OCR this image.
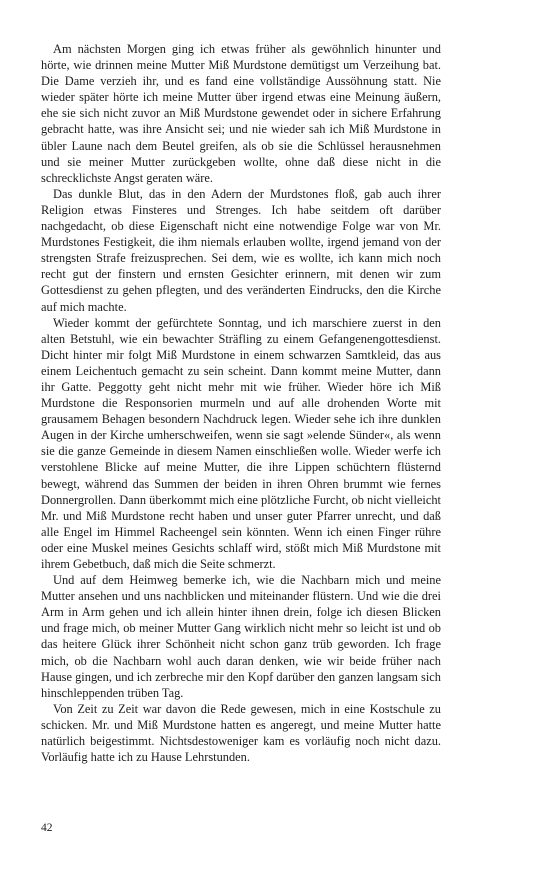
Am nächsten Morgen ging ich etwas früher als gewöhnlich hinunter und hörte, wie drinnen meine Mutter Miß Murdstone demütigst um Verzeihung bat. Die Dame verzieh ihr, und es fand eine vollständige Aussöhnung statt. Nie wieder später hörte ich meine Mutter über irgend etwas eine Meinung äußern, ehe sie sich nicht zuvor an Miß Murdstone gewendet oder in sichere Erfahrung gebracht hatte, was ihre Ansicht sei; und nie wieder sah ich Miß Murdstone in übler Laune nach dem Beutel greifen, als ob sie die Schlüssel herausnehmen und sie meiner Mutter zurückgeben wollte, ohne daß diese nicht in die schrecklichste Angst geraten wäre.

Das dunkle Blut, das in den Adern der Murdstones floß, gab auch ihrer Religion etwas Finsteres und Strenges. Ich habe seitdem oft darüber nachgedacht, ob diese Eigenschaft nicht eine notwendige Folge war von Mr. Murdstones Festigkeit, die ihm niemals erlauben wollte, irgend jemand von der strengsten Strafe freizusprechen. Sei dem, wie es wollte, ich kann mich noch recht gut der finstern und ernsten Gesichter erinnern, mit denen wir zum Gottesdienst zu gehen pflegten, und des veränderten Eindrucks, den die Kirche auf mich machte.

Wieder kommt der gefürchtete Sonntag, und ich marschiere zuerst in den alten Betstuhl, wie ein bewachter Sträfling zu einem Gefangenengottesdienst. Dicht hinter mir folgt Miß Murdstone in einem schwarzen Samtkleid, das aus einem Leichentuch gemacht zu sein scheint. Dann kommt meine Mutter, dann ihr Gatte. Peggotty geht nicht mehr mit wie früher. Wieder höre ich Miß Murdstone die Responsorien murmeln und auf alle drohenden Worte mit grausamem Behagen besondern Nachdruck legen. Wieder sehe ich ihre dunklen Augen in der Kirche umherschweifen, wenn sie sagt »elende Sünder«, als wenn sie die ganze Gemeinde in diesem Namen einschließen wolle. Wieder werfe ich verstohlene Blicke auf meine Mutter, die ihre Lippen schüchtern flüsternd bewegt, während das Summen der beiden in ihren Ohren brummt wie fernes Donnergrollen. Dann überkommt mich eine plötzliche Furcht, ob nicht vielleicht Mr. und Miß Murdstone recht haben und unser guter Pfarrer unrecht, und daß alle Engel im Himmel Racheengel sein könnten. Wenn ich einen Finger rühre oder eine Muskel meines Gesichts schlaff wird, stößt mich Miß Murdstone mit ihrem Gebetbuch, daß mich die Seite schmerzt.

Und auf dem Heimweg bemerke ich, wie die Nachbarn mich und meine Mutter ansehen und uns nachblicken und miteinander flüstern. Und wie die drei Arm in Arm gehen und ich allein hinter ihnen drein, folge ich diesen Blicken und frage mich, ob meiner Mutter Gang wirklich nicht mehr so leicht ist und ob das heitere Glück ihrer Schönheit nicht schon ganz trüb geworden. Ich frage mich, ob die Nachbarn wohl auch daran denken, wie wir beide früher nach Hause gingen, und ich zerbreche mir den Kopf darüber den ganzen langsam sich hinschleppenden trüben Tag.

Von Zeit zu Zeit war davon die Rede gewesen, mich in eine Kostschule zu schicken. Mr. und Miß Murdstone hatten es angeregt, und meine Mutter hatte natürlich beigestimmt. Nichtsdestoweniger kam es vorläufig noch nicht dazu. Vorläufig hatte ich zu Hause Lehrstunden.

42
